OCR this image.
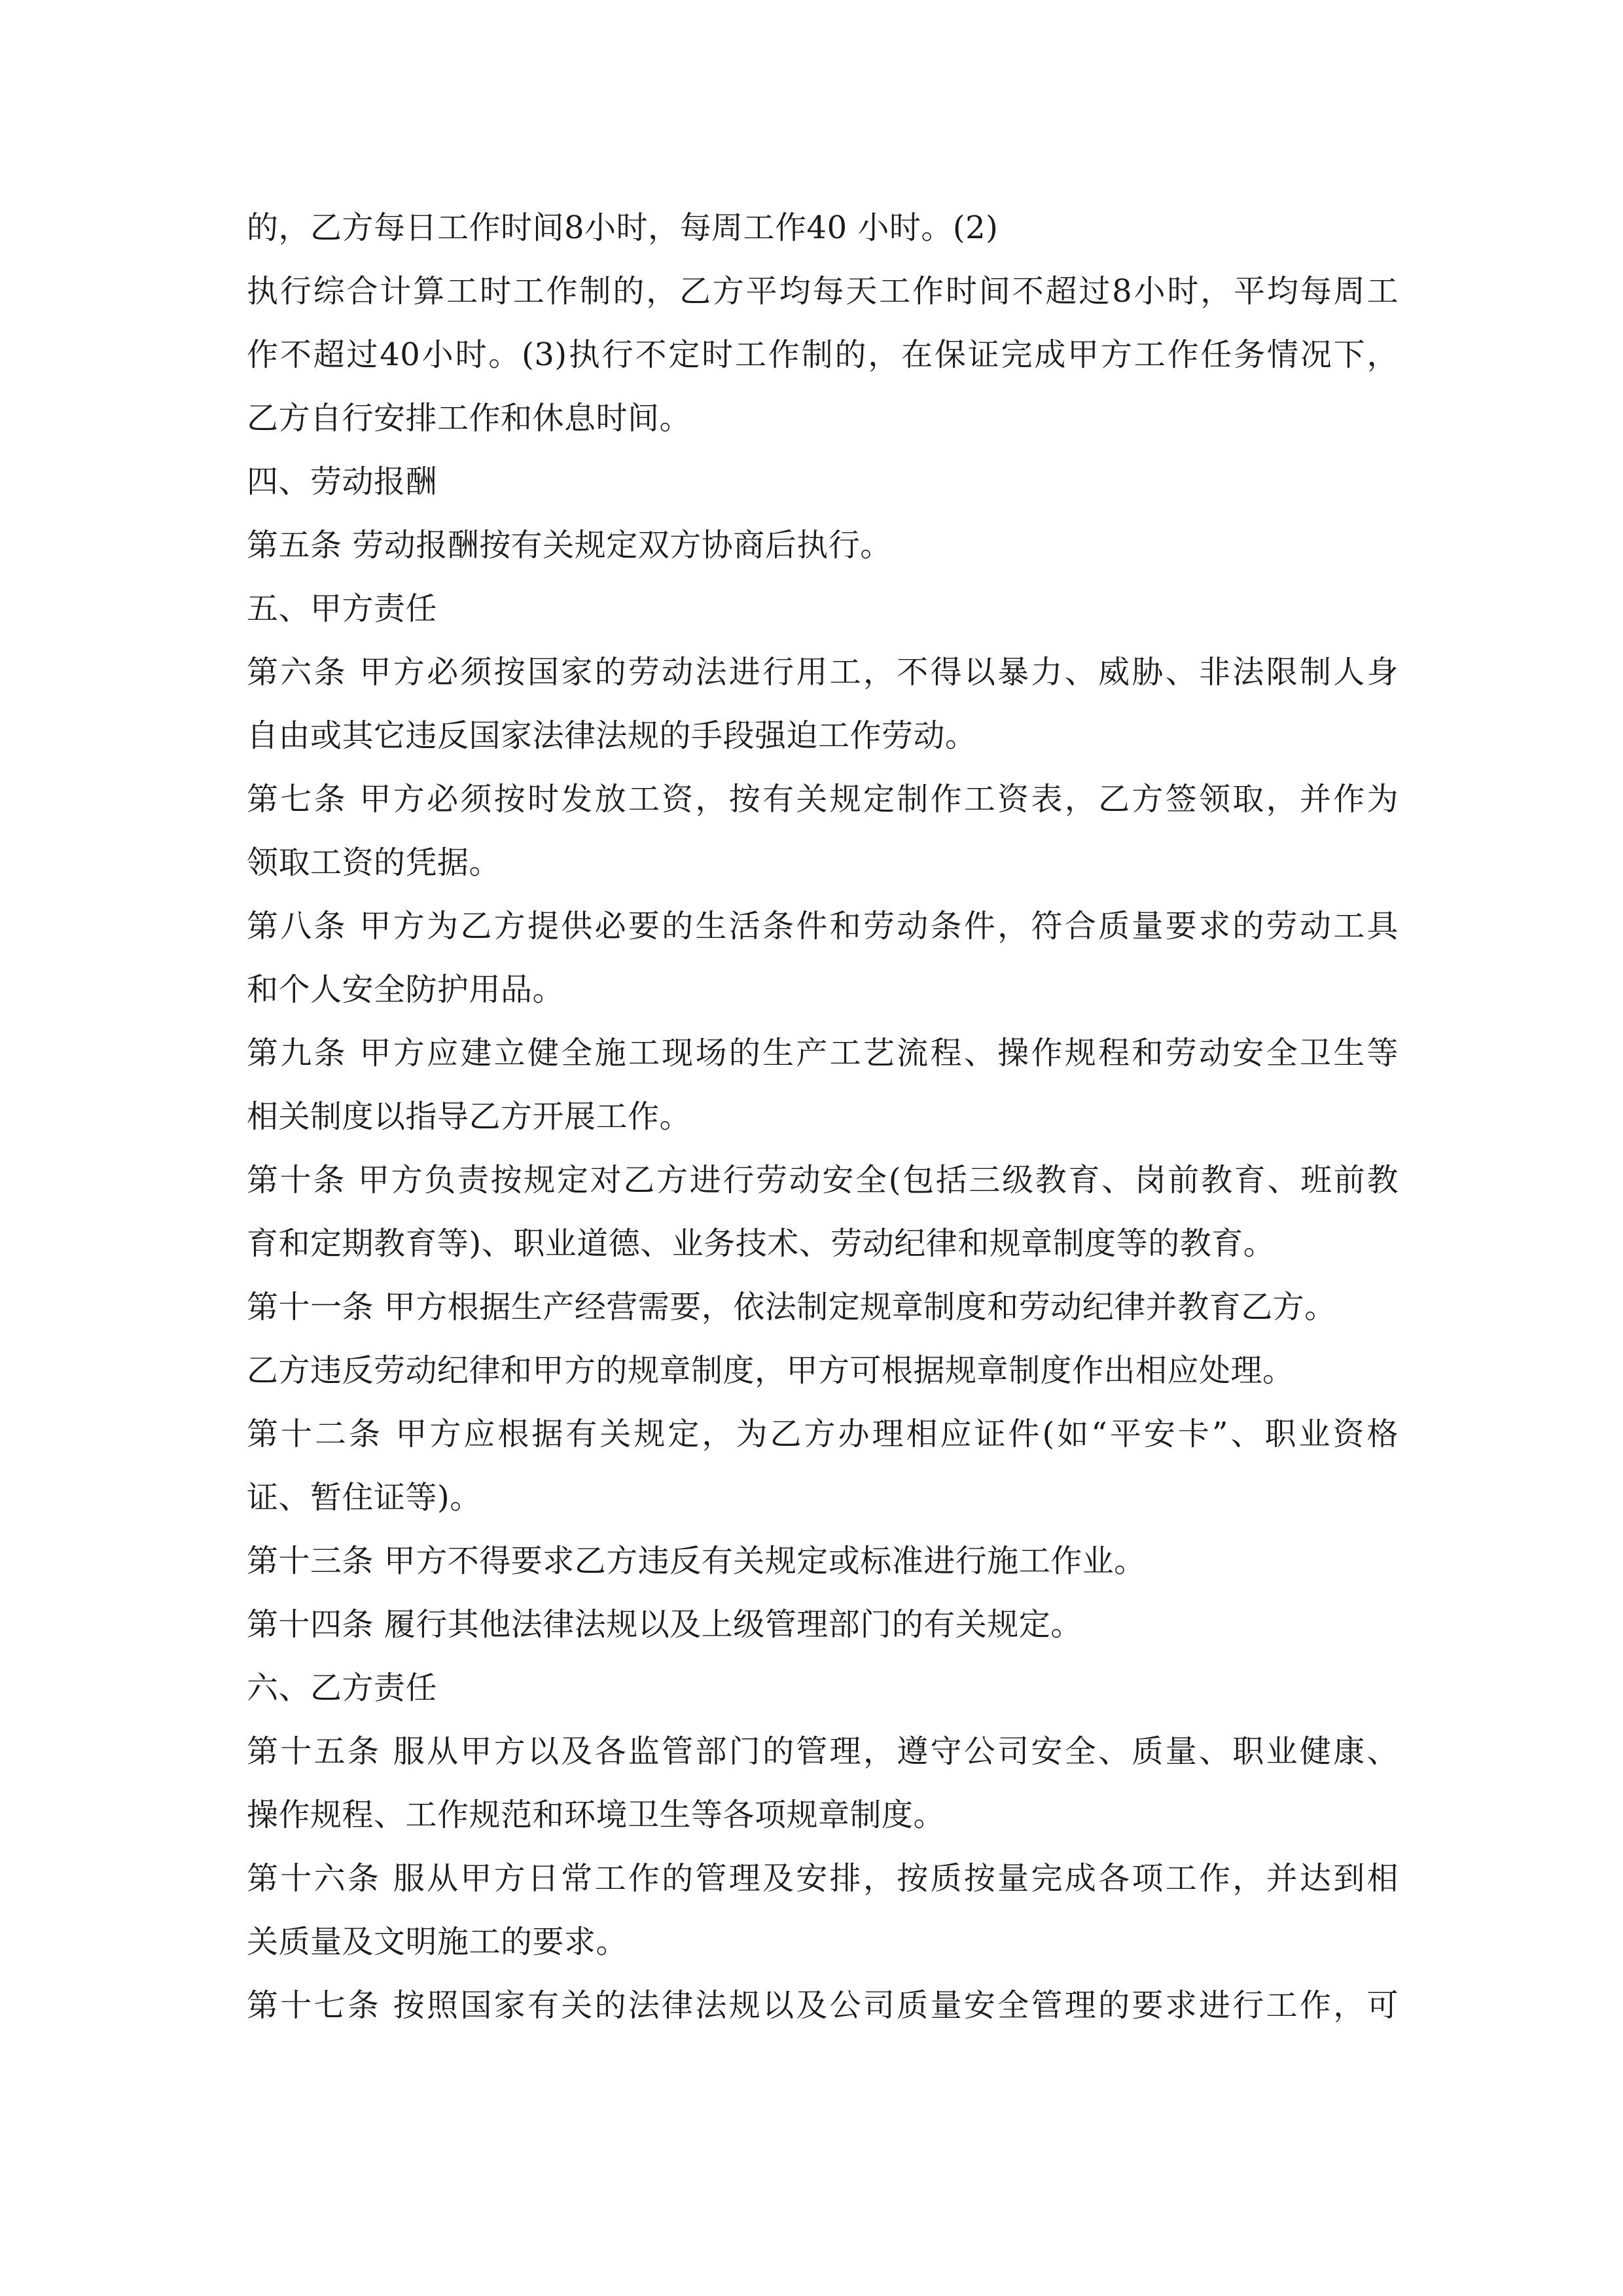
的，乙方每日工作时间8小时，每周工作40 小时。(2)
执行综合计算工时工作制的，乙方平均每天工作时间不超过8小时，平均每周工
作不超过40小时。(3)执行不定时工作制的，在保证完成甲方工作任务情况下，
乙方自行安排工作和休息时间。
四、劳动报酬
第五条 劳动报酬按有关规定双方协商后执行。
五、甲方责任
第六条 甲方必须按国家的劳动法进行用工，不得以暴力、威胁、非法限制人身
自由或其它违反国家法律法规的手段强迫工作劳动。
第七条 甲方必须按时发放工资，按有关规定制作工资表，乙方签领取，并作为
领取工资的凭据。
第八条 甲方为乙方提供必要的生活条件和劳动条件，符合质量要求的劳动工具
和个人安全防护用品。
第九条 甲方应建立健全施工现场的生产工艺流程、操作规程和劳动安全卫生等
相关制度以指导乙方开展工作。
第十条 甲方负责按规定对乙方进行劳动安全(包括三级教育、岗前教育、班前教
育和定期教育等)、职业道德、业务技术、劳动纪律和规章制度等的教育。
第十一条 甲方根据生产经营需要，依法制定规章制度和劳动纪律并教育乙方。
乙方违反劳动纪律和甲方的规章制度，甲方可根据规章制度作出相应处理。
第十二条 甲方应根据有关规定，为乙方办理相应证件(如“平安卡”、职业资格
证、暂住证等)。
第十三条 甲方不得要求乙方违反有关规定或标准进行施工作业。
第十四条 履行其他法律法规以及上级管理部门的有关规定。
六、乙方责任
第十五条 服从甲方以及各监管部门的管理，遵守公司安全、质量、职业健康、
操作规程、工作规范和环境卫生等各项规章制度。
第十六条 服从甲方日常工作的管理及安排，按质按量完成各项工作，并达到相
关质量及文明施工的要求。
第十七条 按照国家有关的法律法规以及公司质量安全管理的要求进行工作，可
